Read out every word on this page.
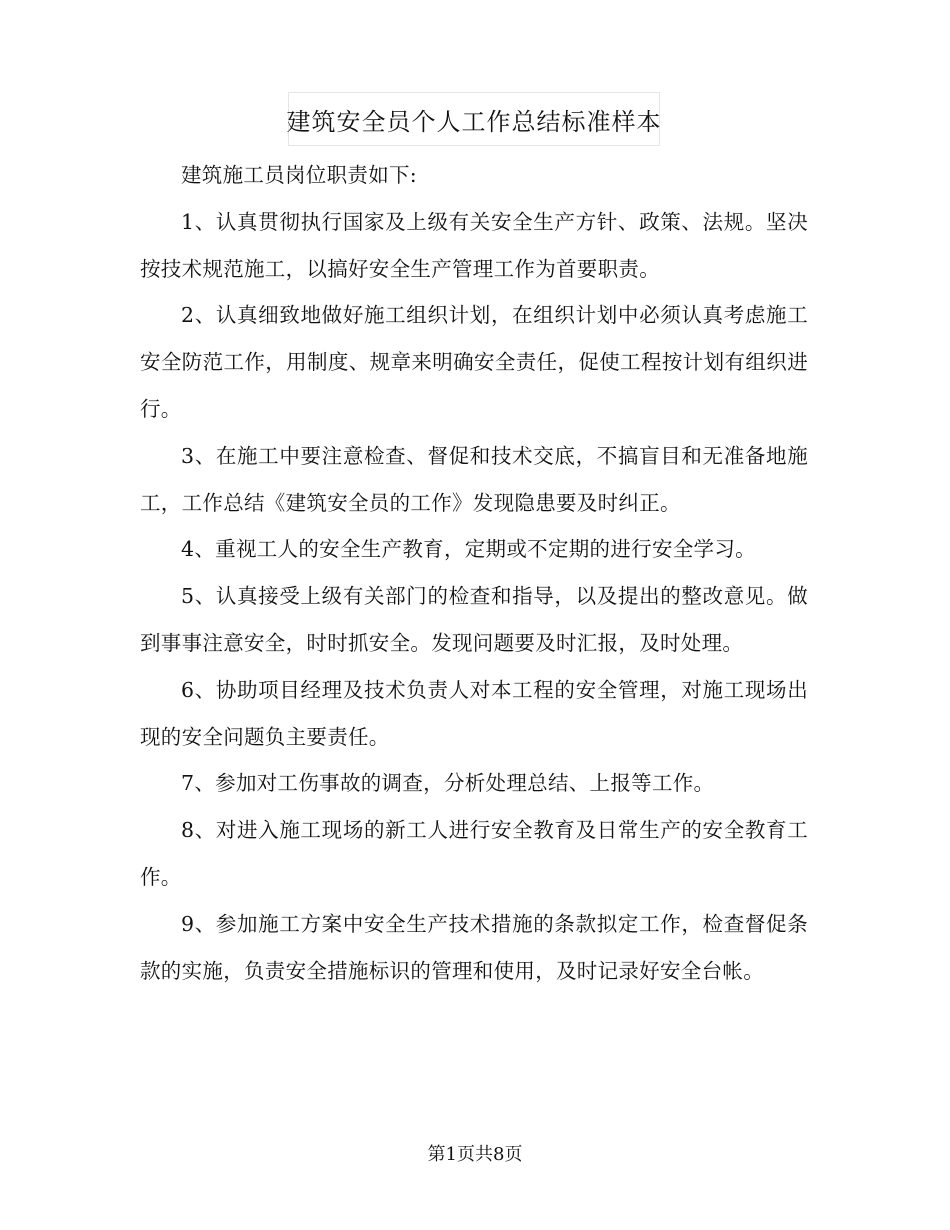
建筑安全员个人工作总结标准样本

建筑施工员岗位职责如下:

1、认真贯彻执行国家及上级有关安全生产方针、政策、法规。坚决按技术规范施工，以搞好安全生产管理工作为首要职责。

2、认真细致地做好施工组织计划，在组织计划中必须认真考虑施工安全防范工作，用制度、规章来明确安全责任，促使工程按计划有组织进行。

3、在施工中要注意检查、督促和技术交底，不搞盲目和无准备地施工，工作总结《建筑安全员的工作》发现隐患要及时纠正。

4、重视工人的安全生产教育，定期或不定期的进行安全学习。

5、认真接受上级有关部门的检查和指导，以及提出的整改意见。做到事事注意安全，时时抓安全。发现问题要及时汇报，及时处理。

6、协助项目经理及技术负责人对本工程的安全管理，对施工现场出现的安全问题负主要责任。

7、参加对工伤事故的调查，分析处理总结、上报等工作。

8、对进入施工现场的新工人进行安全教育及日常生产的安全教育工作。

9、参加施工方案中安全生产技术措施的条款拟定工作，检查督促条款的实施，负责安全措施标识的管理和使用，及时记录好安全台帐。

第1页共8页
